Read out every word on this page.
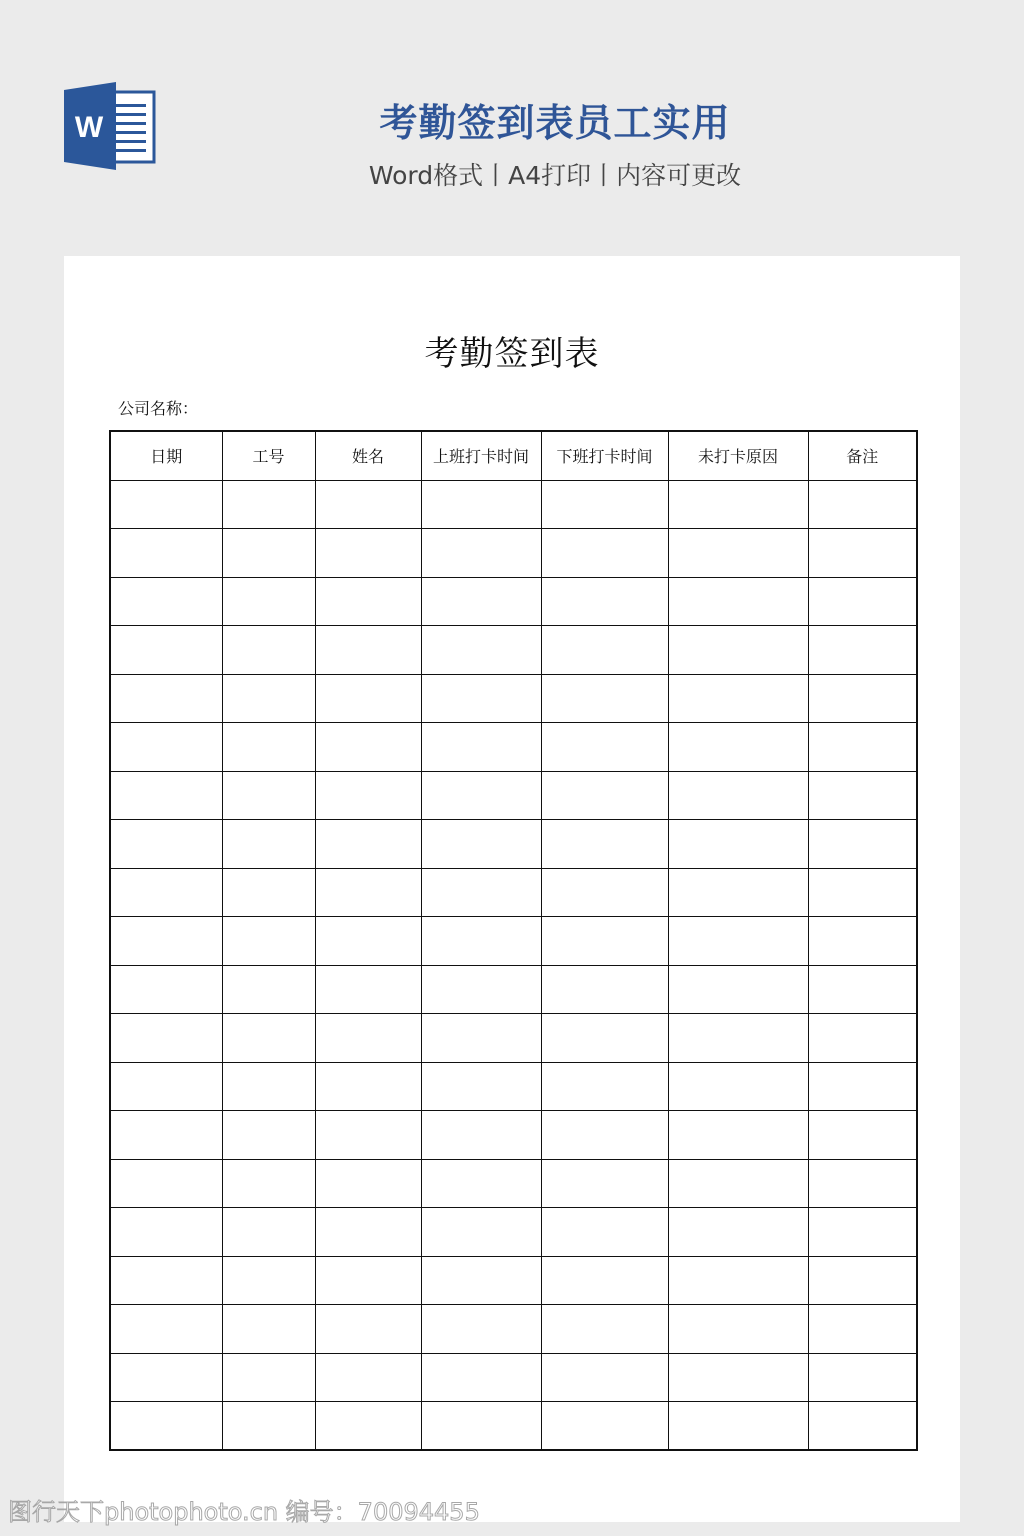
W	考勤签到表员工实用
Word格式丨A4打印丨内容可更改
考勤签到表
公司名称：
日期	工号	姓名	上班打卡时间	下班打卡时间	未打卡原因	备注

图行天下photophoto.cn 编号：70094455
